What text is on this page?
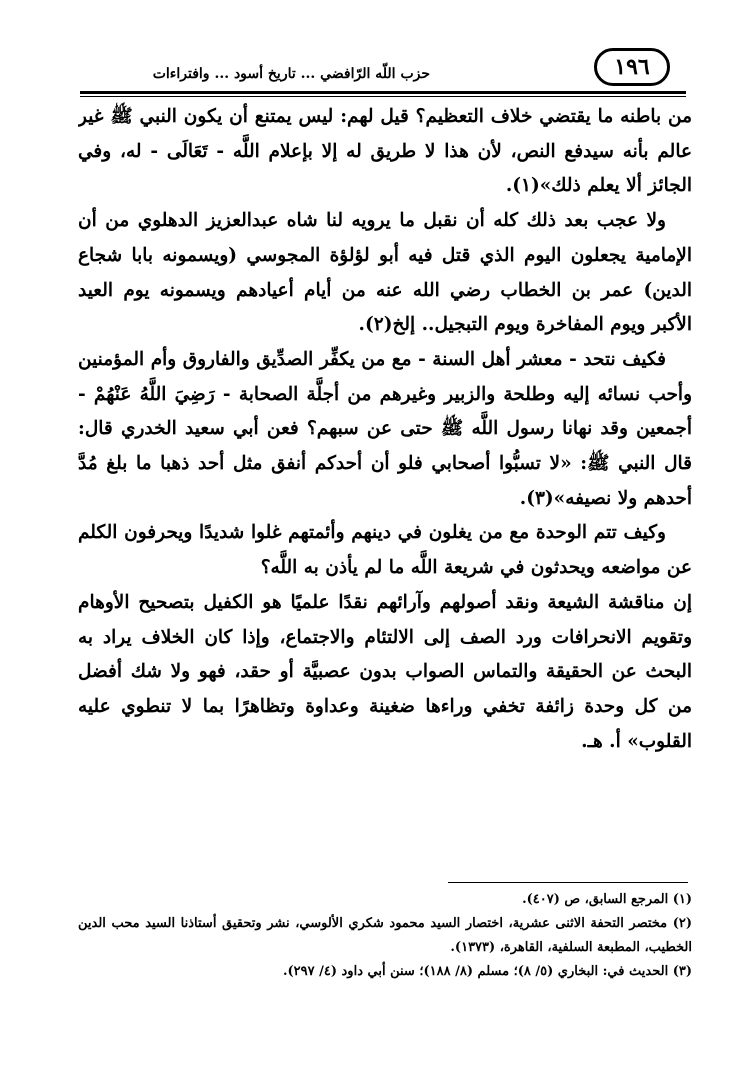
حزب اللّه الرّافضي ... تاريخ أسود ... وافتراءات	١٩٦

من باطنه ما يقتضي خلاف التعظيم؟ قيل لهم: ليس يمتنع أن يكون النبي ﷺ غير عالم بأنه سيدفع النص، لأن هذا لا طريق له إلا بإعلام اللَّه - تَعَالَى - له، وفي الجائز ألا يعلم ذلك»(١).

ولا عجب بعد ذلك كله أن نقبل ما يرويه لنا شاه عبدالعزيز الدهلوي من أن الإمامية يجعلون اليوم الذي قتل فيه أبو لؤلؤة المجوسي (ويسمونه بابا شجاع الدين) عمر بن الخطاب رضي الله عنه من أيام أعيادهم ويسمونه يوم العيد الأكبر ويوم المفاخرة ويوم التبجيل.. إلخ(٢).

فكيف نتحد - معشر أهل السنة - مع من يكفِّر الصدِّيق والفاروق وأم المؤمنين وأحب نسائه إليه وطلحة والزبير وغيرهم من أجلَّة الصحابة - رَضِيَ اللَّهُ عَنْهُمْ - أجمعين وقد نهانا رسول اللَّه ﷺ حتى عن سبهم؟ فعن أبي سعيد الخدري قال: قال النبي ﷺ: «لا تسبُّوا أصحابي فلو أن أحدكم أنفق مثل أحد ذهبا ما بلغ مُدَّ أحدهم ولا نصيفه»(٣).

وكيف تتم الوحدة مع من يغلون في دينهم وأئمتهم غلوا شديدًا ويحرفون الكلم عن مواضعه ويحدثون في شريعة اللَّه ما لم يأذن به اللَّه؟

إن مناقشة الشيعة ونقد أصولهم وآرائهم نقدًا علميًا هو الكفيل بتصحيح الأوهام وتقويم الانحرافات ورد الصف إلى الالتئام والاجتماع، وإذا كان الخلاف يراد به البحث عن الحقيقة والتماس الصواب بدون عصبيَّة أو حقد، فهو ولا شك أفضل من كل وحدة زائفة تخفي وراءها ضغينة وعداوة وتظاهرًا بما لا تنطوي عليه القلوب» أ. هـ.

(١) المرجع السابق، ص (٤٠٧).

(٢) مختصر التحفة الاثنى عشرية، اختصار السيد محمود شكري الألوسي، نشر وتحقيق أستاذنا السيد محب الدين الخطيب، المطبعة السلفية، القاهرة، (١٣٧٣).

(٣) الحديث في: البخاري (٥/ ٨)؛ مسلم (٨/ ١٨٨)؛ سنن أبي داود (٤/ ٢٩٧).
